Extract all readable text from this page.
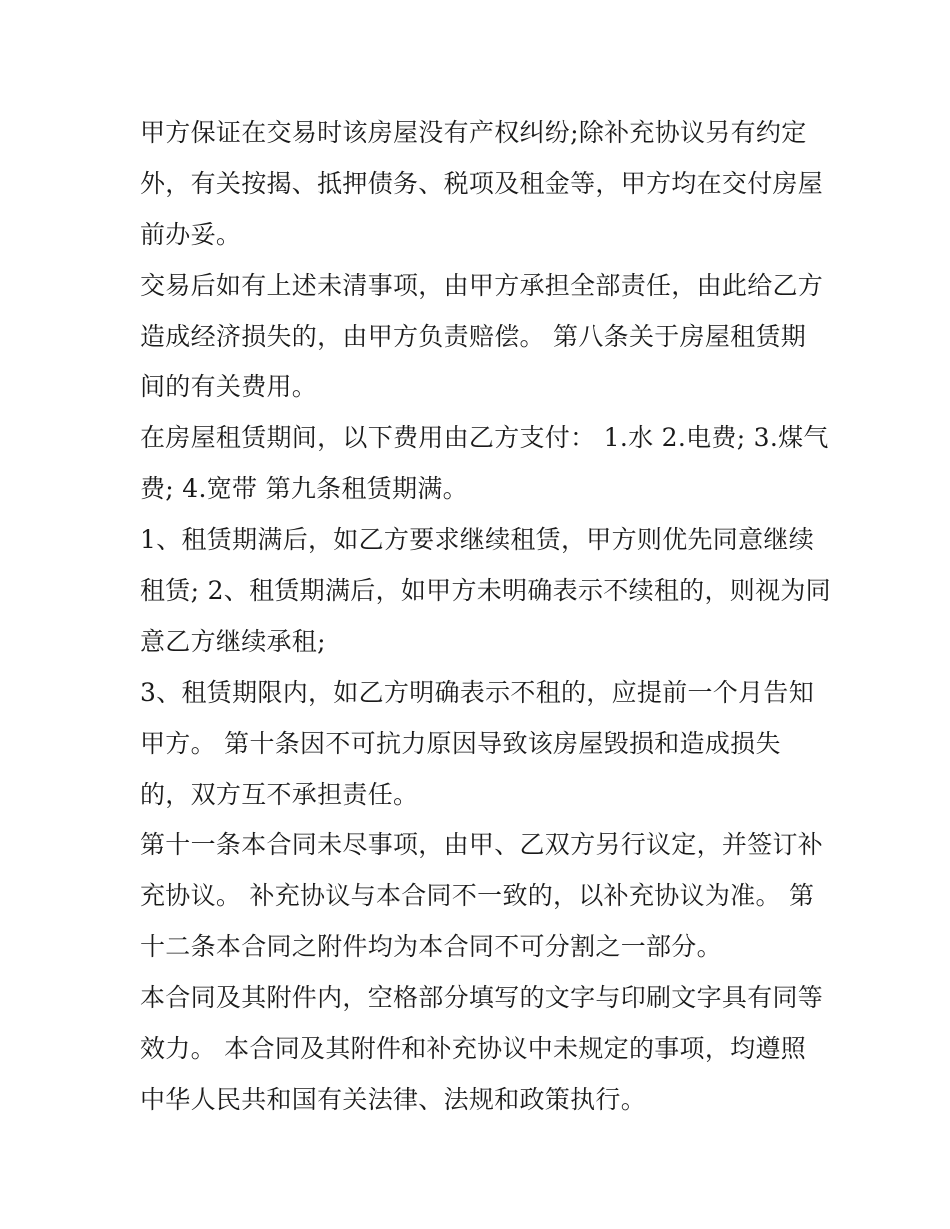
甲方保证在交易时该房屋没有产权纠纷;除补充协议另有约定
外，有关按揭、抵押债务、税项及租金等，甲方均在交付房屋
前办妥。
交易后如有上述未清事项，由甲方承担全部责任，由此给乙方
造成经济损失的，由甲方负责赔偿。 第八条关于房屋租赁期
间的有关费用。
在房屋租赁期间，以下费用由乙方支付： 1.水 2.电费; 3.煤气
费; 4.宽带 第九条租赁期满。
1、租赁期满后，如乙方要求继续租赁，甲方则优先同意继续
租赁; 2、租赁期满后，如甲方未明确表示不续租的，则视为同
意乙方继续承租;
3、租赁期限内，如乙方明确表示不租的，应提前一个月告知
甲方。 第十条因不可抗力原因导致该房屋毁损和造成损失
的，双方互不承担责任。
第十一条本合同未尽事项，由甲、乙双方另行议定，并签订补
充协议。 补充协议与本合同不一致的，以补充协议为准。 第
十二条本合同之附件均为本合同不可分割之一部分。
本合同及其附件内，空格部分填写的文字与印刷文字具有同等
效力。 本合同及其附件和补充协议中未规定的事项，均遵照
中华人民共和国有关法律、法规和政策执行。
